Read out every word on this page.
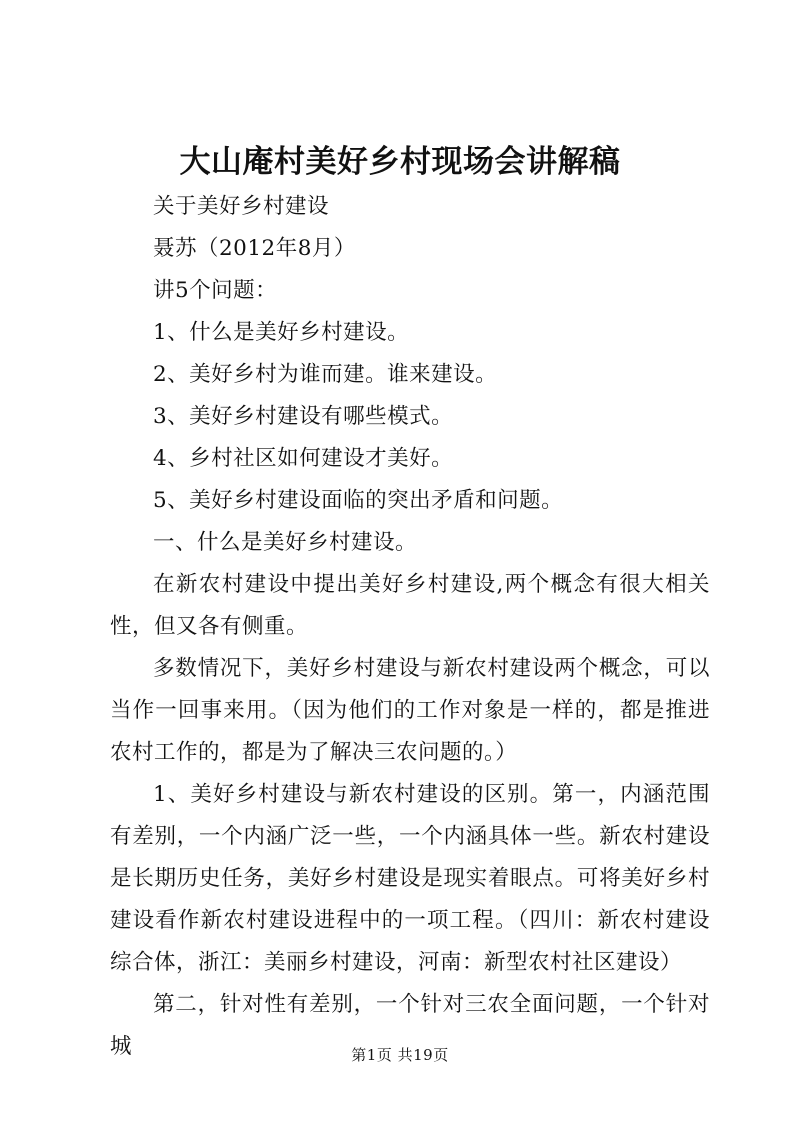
大山庵村美好乡村现场会讲解稿

关于美好乡村建设

聂苏（2012年8月）

讲5个问题：

1、什么是美好乡村建设。

2、美好乡村为谁而建。谁来建设。

3、美好乡村建设有哪些模式。

4、乡村社区如何建设才美好。

5、美好乡村建设面临的突出矛盾和问题。

一、什么是美好乡村建设。

在新农村建设中提出美好乡村建设,两个概念有很大相关性，但又各有侧重。

多数情况下，美好乡村建设与新农村建设两个概念，可以当作一回事来用。（因为他们的工作对象是一样的，都是推进农村工作的，都是为了解决三农问题的。）

1、美好乡村建设与新农村建设的区别。第一，内涵范围有差别，一个内涵广泛一些，一个内涵具体一些。新农村建设是长期历史任务，美好乡村建设是现实着眼点。可将美好乡村建设看作新农村建设进程中的一项工程。（四川：新农村建设综合体，浙江：美丽乡村建设，河南：新型农村社区建设）

第二，针对性有差别，一个针对三农全面问题，一个针对城	第1页 共19页
